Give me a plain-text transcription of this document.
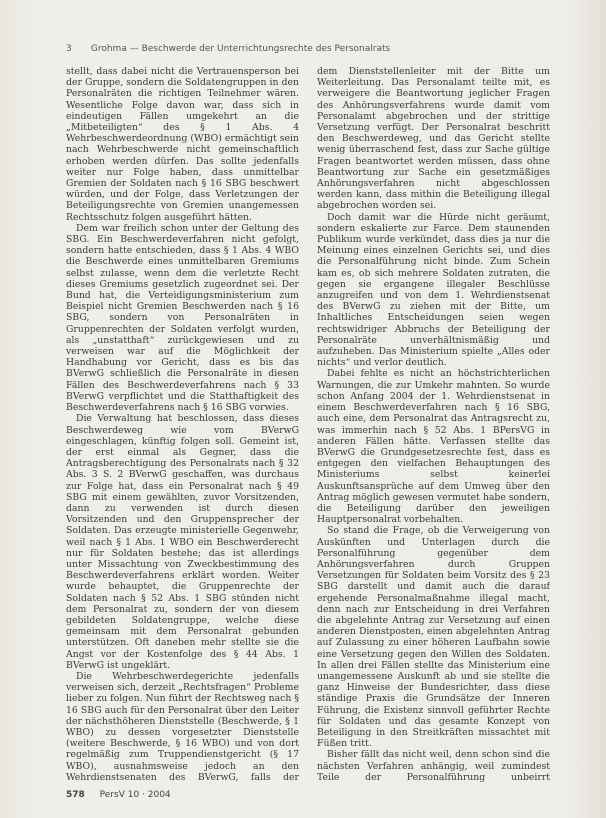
3 Grohma — Beschwerde der Unterrichtungsrechte des Personalrats

stellt, dass dabei nicht die Vertrauensperson bei der Gruppe, sondern die Soldatengruppen in den Personalräten die richtigen Teilnehmer wären. Wesentliche Folge davon war, dass sich in eindeutigen Fällen umgekehrt an die „Mitbeteiligten“ des § 1 Abs. 4 Wehrbeschwerdeordnung (WBO) ermächtigt sein nach Wehrbeschwerde nicht gemeinschaftlich erhoben werden dürfen. Das sollte jedenfalls weiter nur Folge haben, dass unmittelbar Gremien der Soldaten nach § 16 SBG beschwert würden, und der Folge, dass Verletzungen der Beteiligungsrechte von Gremien unangemessen Rechtsschutz folgen ausgeführt hätten.

Dem war freilich schon unter der Geltung des SBG. Ein Beschwerdeverfahren nicht gefolgt, sondern hatte entschieden, dass § 1 Abs. 4 WBO die Beschwerde eines unmittelbaren Gremiums selbst zulasse, wenn dem die verletzte Recht dieses Gremiums gesetzlich zugeordnet sei. Der Bund hat, die Verteidigungsministerium zum Beispiel nicht Gremien Beschwerden nach § 16 SBG, sondern von Personalräten in Gruppenrechten der Soldaten verfolgt wurden, als „unstatthaft“ zurückgewiesen und zu verweisen war auf die Möglichkeit der Handhabung vor Gericht, dass es bis das BVerwG schließlich die Personalräte in diesen Fällen des Beschwerdeverfahrens nach § 33 BVerwG verpflichtet und die Statthaftigkeit des Beschwerdeverfahrens nach § 16 SBG vorwies.

Die Verwaltung hat beschlossen, dass dieses Beschwerdeweg wie vom BVerwG eingeschlagen, künftig folgen soll. Gemeint ist, der erst einmal als Gegner, dass die Antragsberechtigung des Personalrats nach § 32 Abs. 3 S. 2 BVerwG geschaffen, was durchaus zur Folge hat, dass ein Personalrat nach § 49 SBG mit einem gewählten, zuvor Vorsitzenden, dann zu verwenden ist durch diesen Vorsitzenden und den Gruppensprecher der Soldaten. Das erzeugte ministerielle Gegenwehr, weil nach § 1 Abs. 1 WBO ein Beschwerderecht nur für Soldaten bestehe; das ist allerdings unter Missachtung von Zweckbestimmung des Beschwerdeverfahrens erklärt worden. Weiter wurde behauptet, die Gruppenrechte der Soldaten nach § 52 Abs. 1 SBG stünden nicht dem Personalrat zu, sondern der von diesem gebildeten Soldatengruppe, welche diese gemeinsam mit dem Personalrat gebunden unterstützen. Oft daneben mehr stellte sie die Angst vor der Kostenfolge des § 44 Abs. 1 BVerwG ist ungeklärt.

Die Wehrbeschwerdegerichte jedenfalls verweisen sich, derzeit „Rechtsfragen“ Probleme lieber zu folgen. Nun führt der Rechtsweg nach § 16 SBG auch für den Personalrat über den Leiter der nächsthöheren Dienststelle (Beschwerde, § 1 WBO) zu dessen vorgesetzter Dienststelle (weitere Beschwerde, § 16 WBO) und von dort regelmäßig zum Truppendienstgericht (§ 17 WBO), ausnahmsweise jedoch an den Wehrdienstsenaten des BVerwG, falls der

dem Dienststellenleiter mit der Bitte um Weiterleitung. Das Personalamt teilte mit, es verweigere die Beantwortung jeglicher Fragen des Anhörungsverfahrens wurde damit vom Personalamt abgebrochen und der strittige Versetzung verfügt. Der Personalrat beschritt den Beschwerdeweg, und das Gericht stellte wenig überraschend fest, dass zur Sache gültige Fragen beantwortet werden müssen, dass ohne Beantwortung zur Sache ein gesetzmäßiges Anhörungsverfahren nicht abgeschlossen werden kann, dass mithin die Beteiligung illegal abgebrochen worden sei.

Doch damit war die Hürde nicht geräumt, sondern eskalierte zur Farce. Dem staunenden Publikum wurde verkündet, dass dies ja nur die Meinung eines einzelnen Gerichts sei, und dies die Personalführung nicht binde. Zum Schein kam es, ob sich mehrere Soldaten zutraten, die gegen sie ergangene illegaler Beschlüsse anzugreifen und von dem 1. Wehrdienstsenat des BVerwG zu ziehen mit der Bitte, um Inhaltliches Entscheidungen seien wegen rechtswidriger Abbruchs der Beteiligung der Personalräte unverhältnismäßig und aufzuheben. Das Ministerium spielte „Alles oder nichts“ und verlor deutlich.

Dabei fehlte es nicht an höchstrichterlichen Warnungen, die zur Umkehr mahnten. So wurde schon Anfang 2004 der 1. Wehrdienstsenat in einem Beschwerdeverfahren nach § 16 SBG, auch eine, dem Personalrat das Antragsrecht zu, was immerhin nach § 52 Abs. 1 BPersVG in anderen Fällen hätte. Verfassen stellte das BVerwG die Grundgesetzesrechte fest, dass es entgegen den vielfachen Behauptungen des Ministeriums selbst keinerlei Auskunftsansprüche auf dem Umweg über den Antrag möglich gewesen vermutet habe sondern, die Beteiligung darüber den jeweiligen Hauptpersonalrat vorbehalten.

So stand die Frage, ob die Verweigerung von Auskünften und Unterlagen durch die Personalführung gegenüber dem Anhörungsverfahren durch Gruppen Versetzungen für Soldaten beim Vorsitz des § 23 SBG darstellt und damit auch die darauf ergehende Personalmaßnahme illegal macht, denn nach zur Entscheidung in drei Verfahren die abgelehnte Antrag zur Versetzung auf einen anderen Dienstposten, einen abgelehnten Antrag auf Zulassung zu einer höheren Laufbahn sowie eine Versetzung gegen den Willen des Soldaten. In allen drei Fällen stellte das Ministerium eine unangemessene Auskunft ab und sie stellte die ganz Hinweise der Bundesrichter, dass diese ständige Praxis die Grundsätze der Inneren Führung, die Existenz sinnvoll geführter Rechte für Soldaten und das gesamte Konzept von Beteiligung in den Streitkräften missachtet mit Füßen tritt.

Bisher fällt das nicht weil, denn schon sind die nächsten Verfahren anhängig, weil zumindest Teile der Personalführung unbeirrt

578 PersV 10 · 2004
